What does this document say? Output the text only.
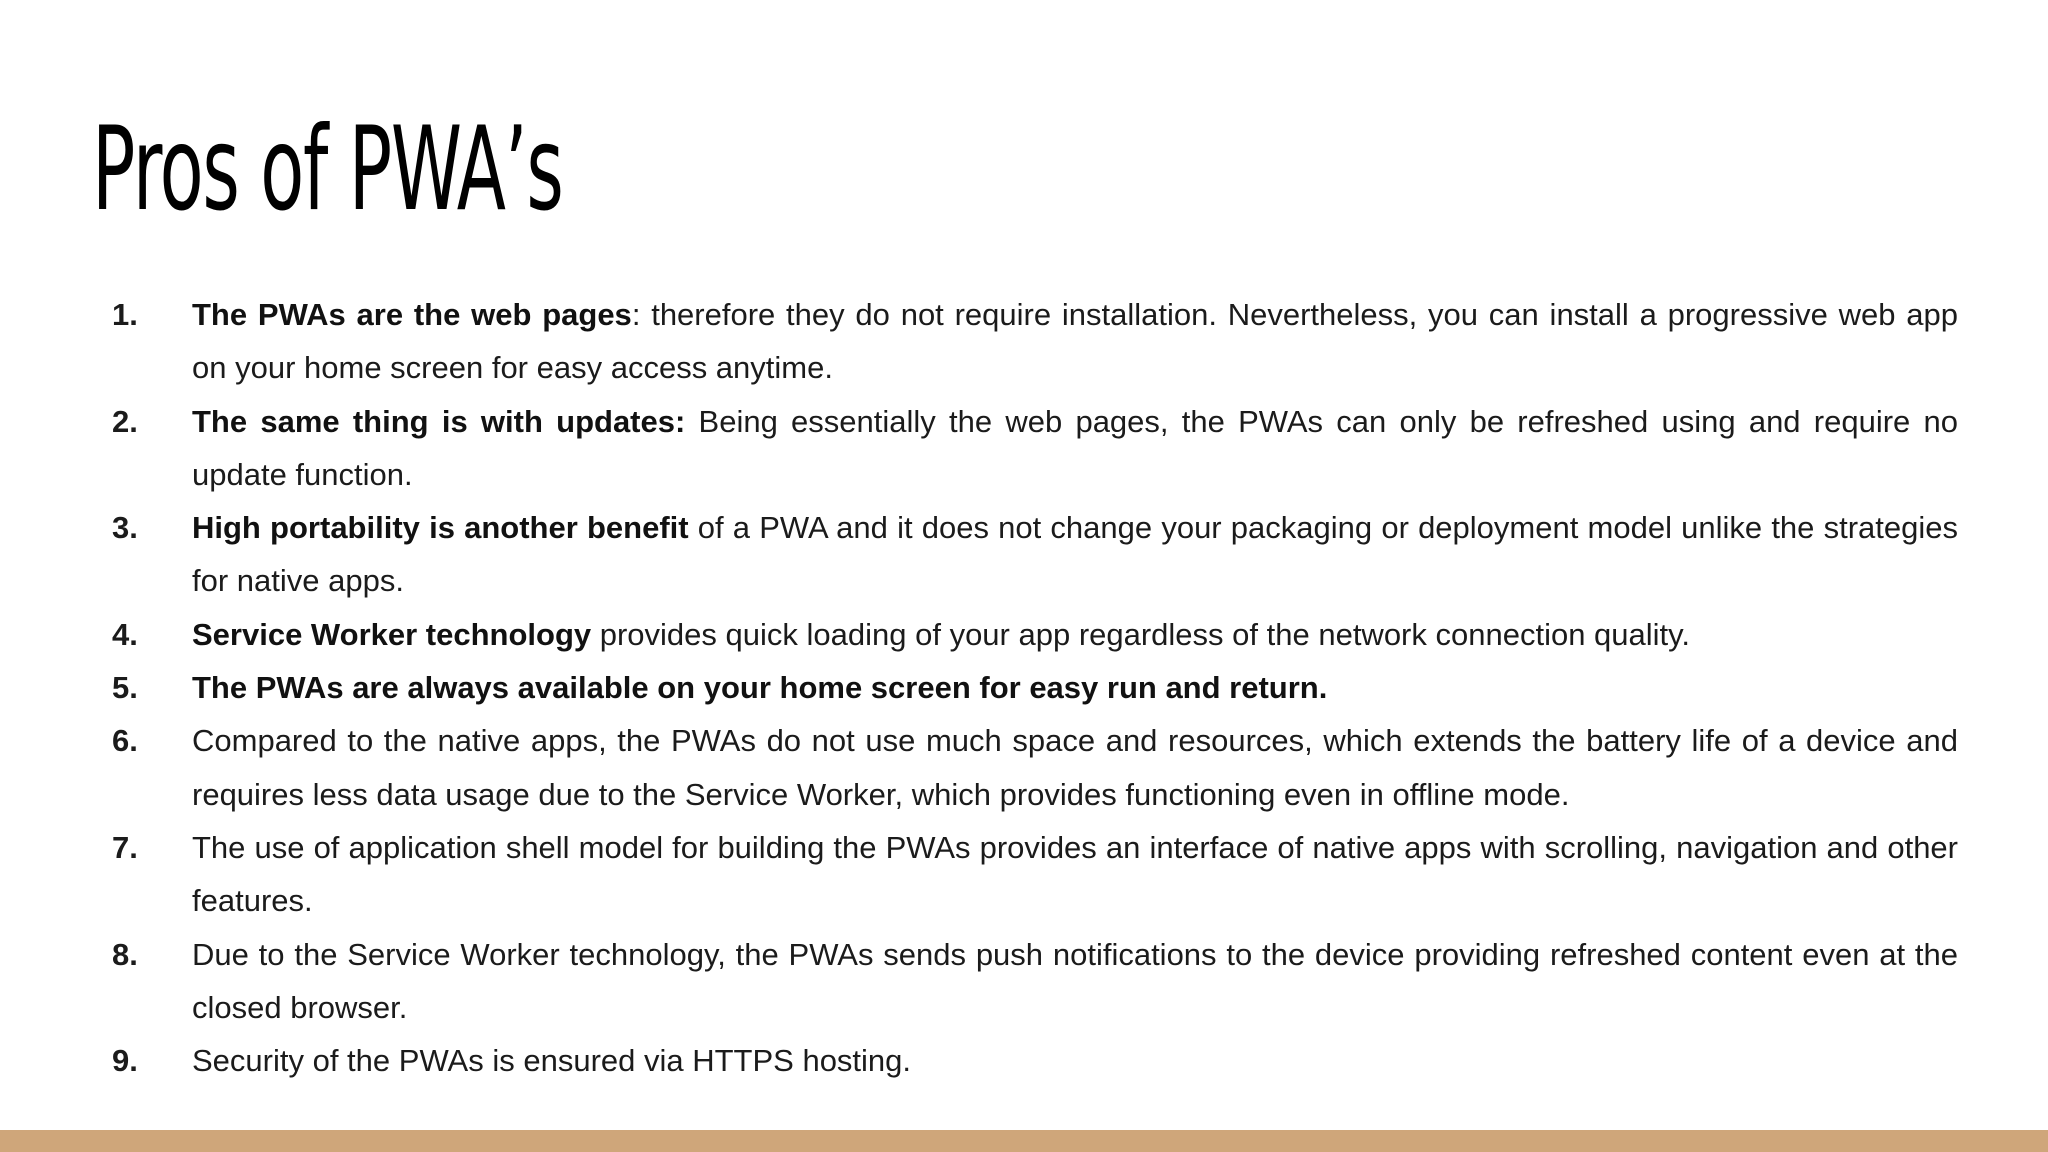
Pros of PWA’s
1. The PWAs are the web pages: therefore they do not require installation. Nevertheless, you can install a progressive web app on your home screen for easy access anytime.
2. The same thing is with updates: Being essentially the web pages, the PWAs can only be refreshed using and require no update function.
3. High portability is another benefit of a PWA and it does not change your packaging or deployment model unlike the strategies for native apps.
4. Service Worker technology provides quick loading of your app regardless of the network connection quality.
5. The PWAs are always available on your home screen for easy run and return.
6. Compared to the native apps, the PWAs do not use much space and resources, which extends the battery life of a device and requires less data usage due to the Service Worker, which provides functioning even in offline mode.
7. The use of application shell model for building the PWAs provides an interface of native apps with scrolling, navigation and other features.
8. Due to the Service Worker technology, the PWAs sends push notifications to the device providing refreshed content even at the closed browser.
9. Security of the PWAs is ensured via HTTPS hosting.
